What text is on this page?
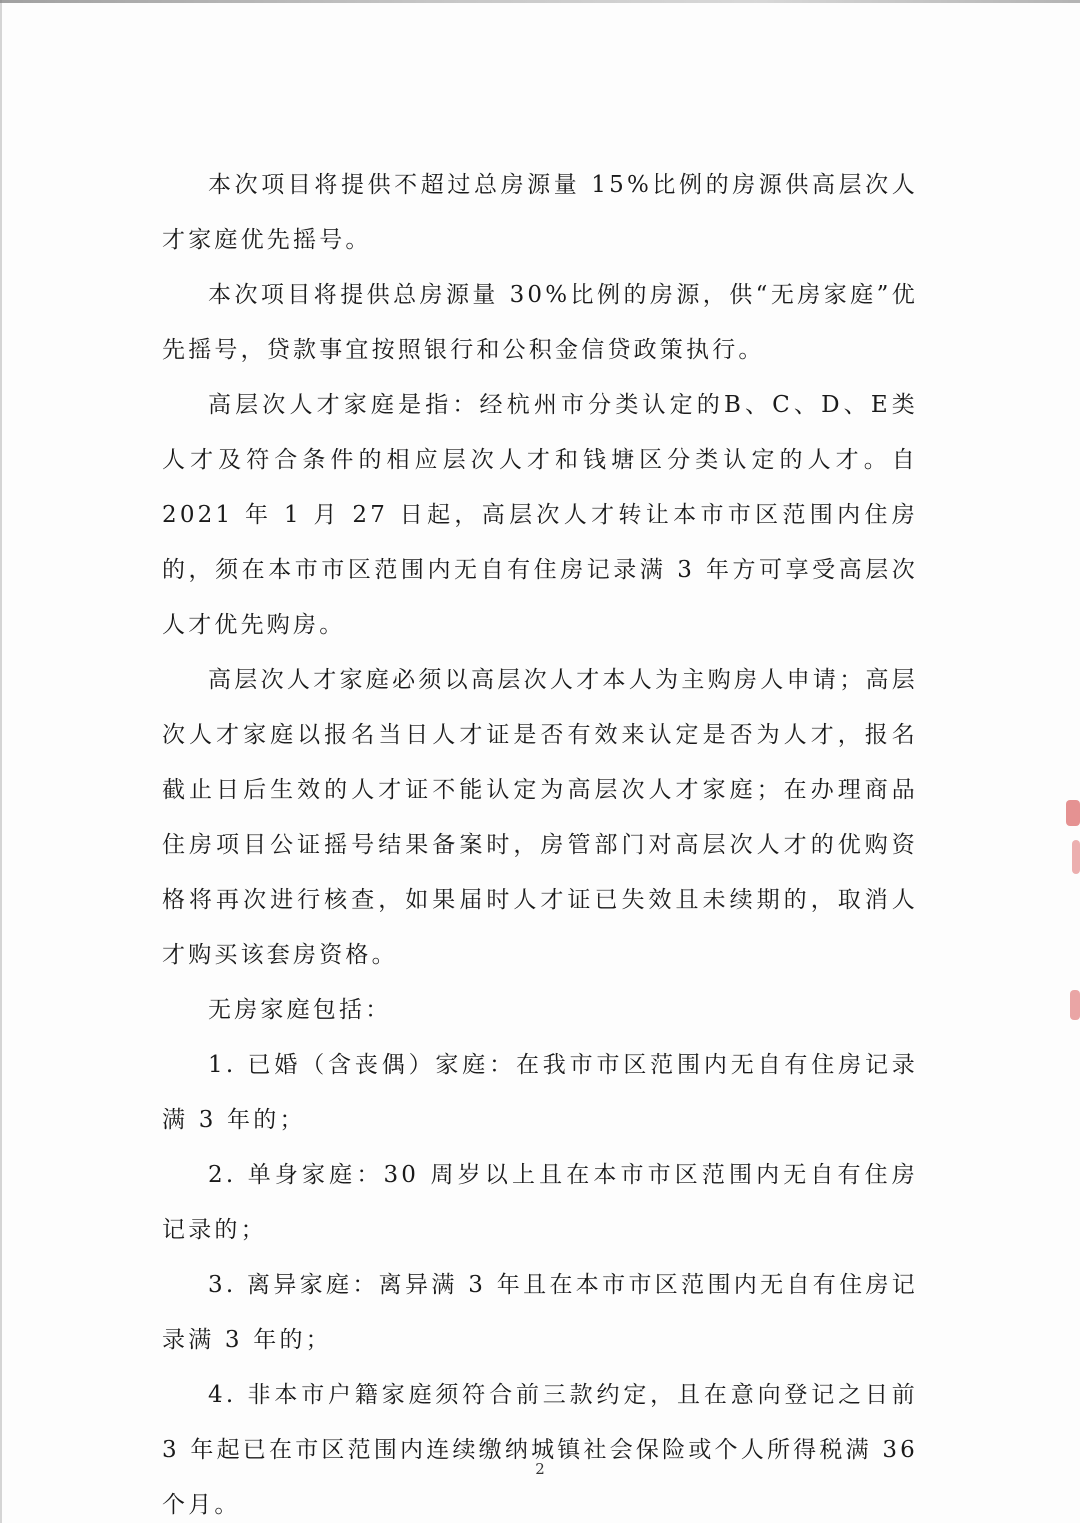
本次项目将提供不超过总房源量 15%比例的房源供高层次人才家庭优先摇号。

本次项目将提供总房源量 30%比例的房源，供“无房家庭”优先摇号，贷款事宜按照银行和公积金信贷政策执行。

高层次人才家庭是指：经杭州市分类认定的B、C、D、E类人才及符合条件的相应层次人才和钱塘区分类认定的人才。自 2021 年 1 月 27 日起，高层次人才转让本市市区范围内住房的，须在本市市区范围内无自有住房记录满 3 年方可享受高层次人才优先购房。

高层次人才家庭必须以高层次人才本人为主购房人申请；高层次人才家庭以报名当日人才证是否有效来认定是否为人才，报名截止日后生效的人才证不能认定为高层次人才家庭；在办理商品住房项目公证摇号结果备案时，房管部门对高层次人才的优购资格将再次进行核查，如果届时人才证已失效且未续期的，取消人才购买该套房资格。

无房家庭包括：

1. 已婚（含丧偶）家庭：在我市市区范围内无自有住房记录满 3 年的；

2. 单身家庭：30 周岁以上且在本市市区范围内无自有住房记录的；

3. 离异家庭：离异满 3 年且在本市市区范围内无自有住房记录满 3 年的；

4. 非本市户籍家庭须符合前三款约定，且在意向登记之日前 3 年起已在市区范围内连续缴纳城镇社会保险或个人所得税满 36 个月。

2
